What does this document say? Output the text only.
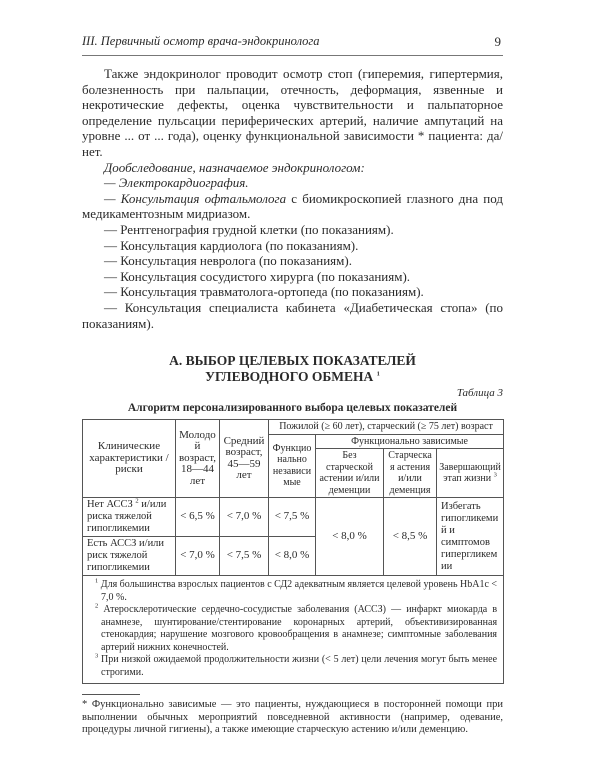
III. Первичный осмотр врача-эндокринолога	9

Также эндокринолог проводит осмотр стоп (гиперемия, гипертермия, болезненность при пальпации, отечность, деформация, язвенные и некротические дефекты, оценка чувствительности и пальпаторное определение пульсации периферических артерий, наличие ампутаций на уровне ... от ... года), оценку функциональной зависимости * пациента: да/нет.

Дообследование, назначаемое эндокринологом:

— Электрокардиография.

— Консультация офтальмолога с биомикроскопией глазного дна под медикаментозным мидриазом.

— Рентгенография грудной клетки (по показаниям).

— Консультация кардиолога (по показаниям).

— Консультация невролога (по показаниям).

— Консультация сосудистого хирурга (по показаниям).

— Консультация травматолога-ортопеда (по показаниям).

— Консультация специалиста кабинета «Диабетическая стопа» (по показаниям).

А. ВЫБОР ЦЕЛЕВЫХ ПОКАЗАТЕЛЕЙ
УГЛЕВОДНОГО ОБМЕНА $^1$
Таблица 3
Алгоритм персонализированного выбора целевых показателей
Клинические характеристики / риски	Молодой возраст, 18—44 лет	Средний возраст, 45—59 лет	Пожилой (≥ 60 лет), старческий (≥ 75 лет) возраст			
			Функционально независимые	Функционально зависимые		
				Без старческой астении и/или деменции	Старческая астения и/или деменция	Завершающий этап жизни $^3$
Нет АССЗ $^2$ и/или риска тяжелой гипогликемии	< 6,5 %	< 7,0 %	< 7,5 %	< 8,0 %	< 8,5 %	Избегать гипогликемий и симптомов гипергликемии
Есть АССЗ и/или риск тяжелой гипогликемии	< 7,0 %	< 7,5 %	< 8,0 %			

$^1$ Для большинства взрослых пациентов с СД2 адекватным является целевой уровень HbA1c < 7,0 %.
$^2$ Атеросклеротические сердечно-сосудистые заболевания (АССЗ) — инфаркт миокарда в анамнезе, шунтирование/стентирование коронарных артерий, объективизированная стенокардия; нарушение мозгового кровообращения в анамнезе; симптомные заболевания артерий нижних конечностей.
$^3$ При низкой ожидаемой продолжительности жизни (< 5 лет) цели лечения могут быть менее строгими.						
* Функционально зависимые — это пациенты, нуждающиеся в посторонней помощи при выполнении обычных мероприятий повседневной активности (например, одевание, процедуры личной гигиены), а также имеющие старческую астению и/или деменцию.
